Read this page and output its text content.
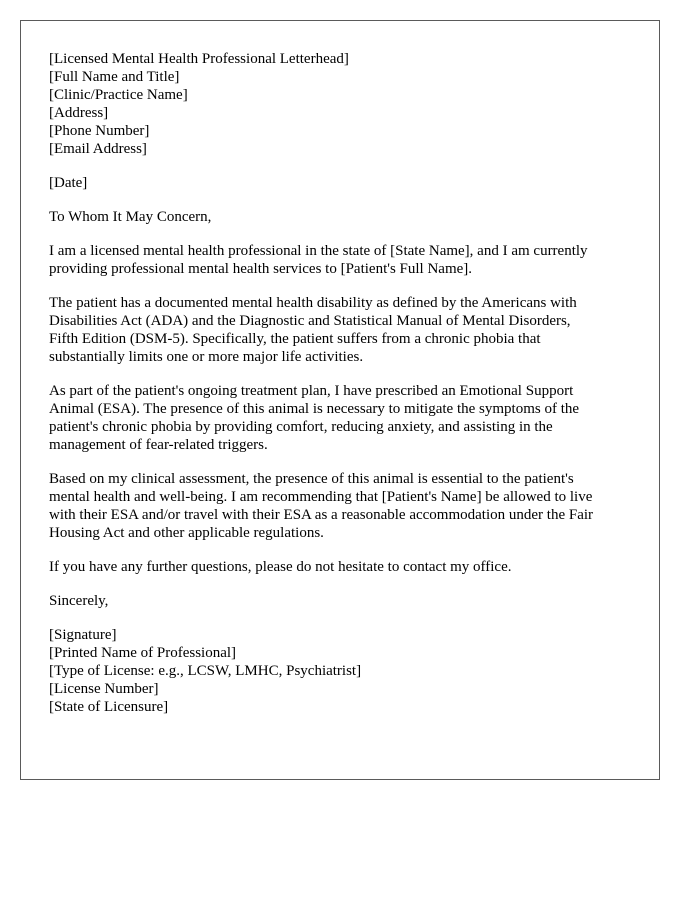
[Licensed Mental Health Professional Letterhead]
[Full Name and Title]
[Clinic/Practice Name]
[Address]
[Phone Number]
[Email Address]
[Date]
To Whom It May Concern,
I am a licensed mental health professional in the state of [State Name], and I am currently
providing professional mental health services to [Patient's Full Name].
The patient has a documented mental health disability as defined by the Americans with
Disabilities Act (ADA) and the Diagnostic and Statistical Manual of Mental Disorders,
Fifth Edition (DSM-5). Specifically, the patient suffers from a chronic phobia that
substantially limits one or more major life activities.
As part of the patient's ongoing treatment plan, I have prescribed an Emotional Support
Animal (ESA). The presence of this animal is necessary to mitigate the symptoms of the
patient's chronic phobia by providing comfort, reducing anxiety, and assisting in the
management of fear-related triggers.
Based on my clinical assessment, the presence of this animal is essential to the patient's
mental health and well-being. I am recommending that [Patient's Name] be allowed to live
with their ESA and/or travel with their ESA as a reasonable accommodation under the Fair
Housing Act and other applicable regulations.
If you have any further questions, please do not hesitate to contact my office.
Sincerely,
[Signature]
[Printed Name of Professional]
[Type of License: e.g., LCSW, LMHC, Psychiatrist]
[License Number]
[State of Licensure]
